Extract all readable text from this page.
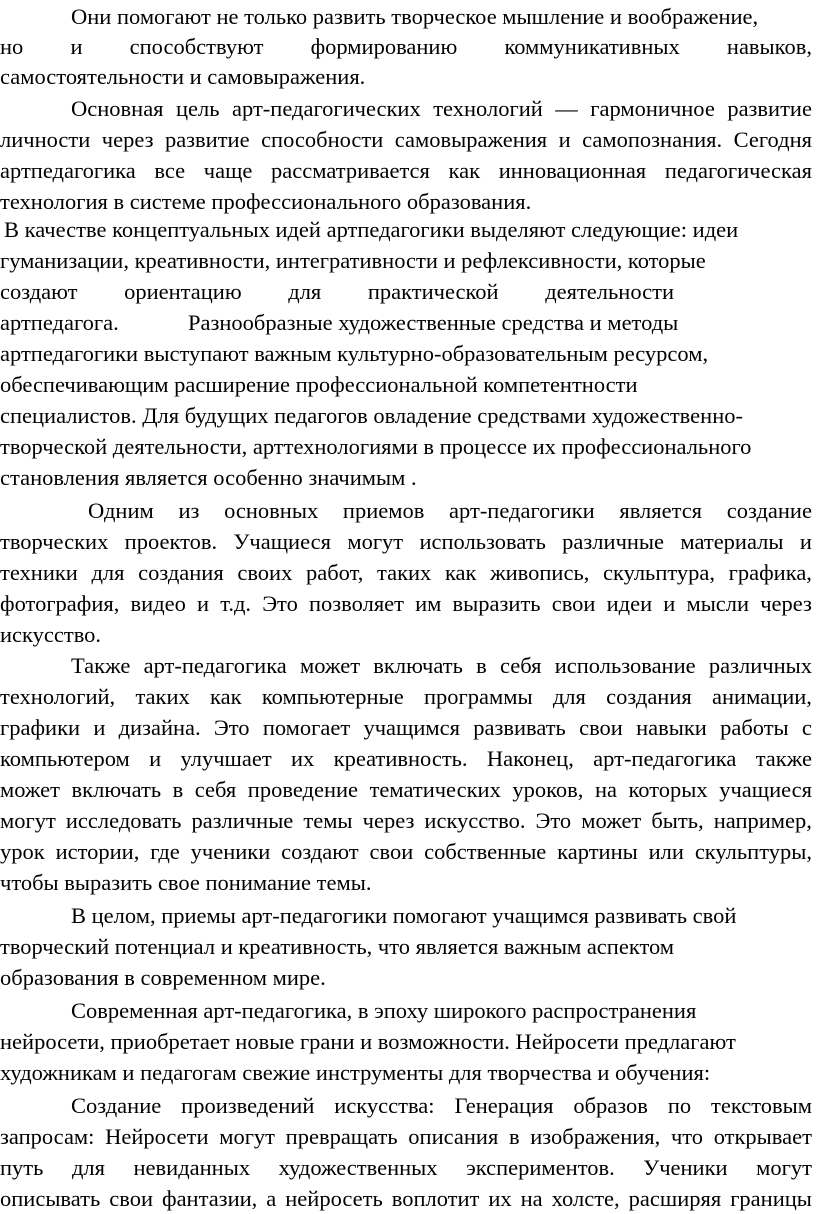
Они помогают не только развить творческое мышление и воображение,
но и способствуют формированию коммуникативных навыков,
самостоятельности и самовыражения.
Основная цель арт-педагогических технологий — гармоничное развитие
личности через развитие способности самовыражения и самопознания. Сегодня
артпедагогика все чаще рассматривается как инновационная педагогическая
технология в системе профессионального образования.
В качестве концептуальных идей артпедагогики выделяют следующие: идеи
гуманизации, креативности, интегративности и рефлексивности, которые
создают ориентацию для практической деятельности
артпедагога.	Разнообразные художественные средства и методы
артпедагогики выступают важным культурно-образовательным ресурсом,
обеспечивающим расширение профессиональной компетентности
специалистов. Для будущих педагогов овладение средствами художественно-
творческой деятельности, арттехнологиями в процессе их профессионального
становления является особенно значимым .
Одним из основных приемов арт-педагогики является создание
творческих проектов. Учащиеся могут использовать различные материалы и
техники для создания своих работ, таких как живопись, скульптура, графика,
фотография, видео и т.д. Это позволяет им выразить свои идеи и мысли через
искусство.
Также арт-педагогика может включать в себя использование различных
технологий, таких как компьютерные программы для создания анимации,
графики и дизайна. Это помогает учащимся развивать свои навыки работы с
компьютером и улучшает их креативность. Наконец, арт-педагогика также
может включать в себя проведение тематических уроков, на которых учащиеся
могут исследовать различные темы через искусство. Это может быть, например,
урок истории, где ученики создают свои собственные картины или скульптуры,
чтобы выразить свое понимание темы.
В целом, приемы арт-педагогики помогают учащимся развивать свой
творческий потенциал и креативность, что является важным аспектом
образования в современном мире.
Современная арт-педагогика, в эпоху широкого распространения
нейросети, приобретает новые грани и возможности. Нейросети предлагают
художникам и педагогам свежие инструменты для творчества и обучения:
Создание произведений искусства: Генерация образов по текстовым
запросам: Нейросети могут превращать описания в изображения, что открывает
путь для невиданных художественных экспериментов. Ученики могут
описывать свои фантазии, а нейросеть воплотит их на холсте, расширяя границы
